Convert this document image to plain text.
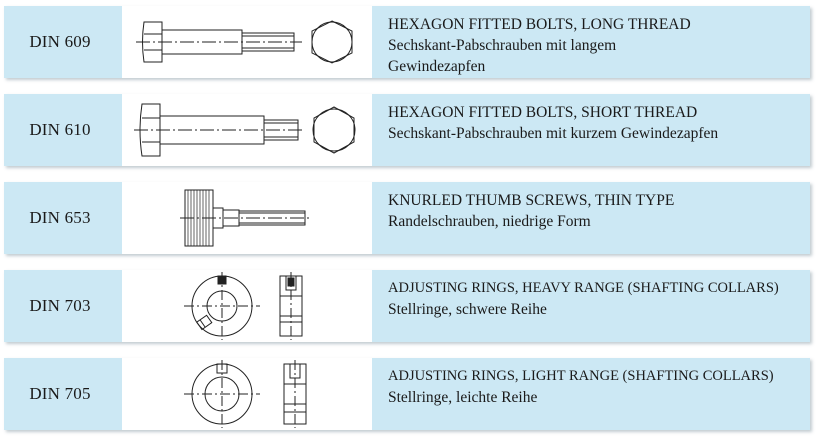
DIN 609
HEXAGON FITTED BOLTS, LONG THREAD
Sechskant-Pabschrauben mit langem Gewindezapfen
DIN 610
HEXAGON FITTED BOLTS, SHORT THREAD
Sechskant-Pabschrauben mit kurzem Gewindezapfen
DIN 653
KNURLED THUMB SCREWS, THIN TYPE
Randelschrauben, niedrige Form
DIN 703
ADJUSTING RINGS, HEAVY RANGE (SHAFTING COLLARS)
Stellringe, schwere Reihe
DIN 705
ADJUSTING RINGS, LIGHT RANGE (SHAFTING COLLARS)
Stellringe, leichte Reihe
